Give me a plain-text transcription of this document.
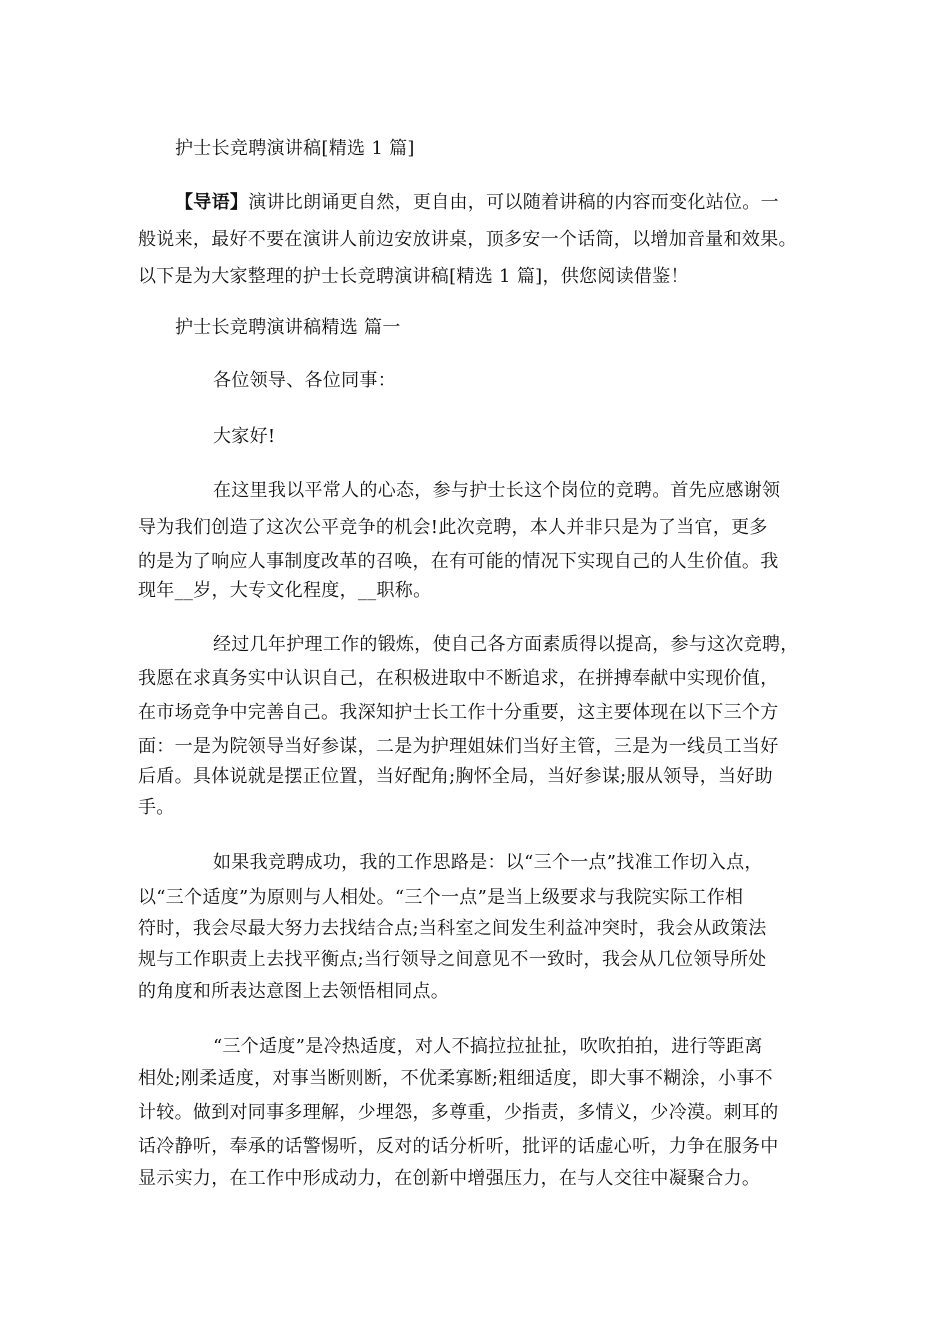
护士长竞聘演讲稿[精选 1 篇]
【导语】演讲比朗诵更自然，更自由，可以随着讲稿的内容而变化站位。一
般说来，最好不要在演讲人前边安放讲桌，顶多安一个话筒，以增加音量和效果。
以下是为大家整理的护士长竞聘演讲稿[精选 1 篇]，供您阅读借鉴！
护士长竞聘演讲稿精选 篇一
各位领导、各位同事：
大家好!
在这里我以平常人的心态，参与护士长这个岗位的竞聘。首先应感谢领
导为我们创造了这次公平竞争的机会!此次竞聘，本人并非只是为了当官，更多
的是为了响应人事制度改革的召唤，在有可能的情况下实现自己的人生价值。我
现年__岁，大专文化程度，__职称。
经过几年护理工作的锻炼，使自己各方面素质得以提高，参与这次竞聘，
我愿在求真务实中认识自己，在积极进取中不断追求，在拼搏奉献中实现价值，
在市场竞争中完善自己。我深知护士长工作十分重要，这主要体现在以下三个方
面：一是为院领导当好参谋，二是为护理姐妹们当好主管，三是为一线员工当好
后盾。具体说就是摆正位置，当好配角;胸怀全局，当好参谋;服从领导，当好助
手。
如果我竞聘成功，我的工作思路是：以“三个一点”找准工作切入点，
以“三个适度”为原则与人相处。“三个一点”是当上级要求与我院实际工作相
符时，我会尽最大努力去找结合点;当科室之间发生利益冲突时，我会从政策法
规与工作职责上去找平衡点;当行领导之间意见不一致时，我会从几位领导所处
的角度和所表达意图上去领悟相同点。
“三个适度”是冷热适度，对人不搞拉拉扯扯，吹吹拍拍，进行等距离
相处;刚柔适度，对事当断则断，不优柔寡断;粗细适度，即大事不糊涂，小事不
计较。做到对同事多理解，少埋怨，多尊重，少指责，多情义，少冷漠。刺耳的
话冷静听，奉承的话警惕听，反对的话分析听，批评的话虚心听，力争在服务中
显示实力，在工作中形成动力，在创新中增强压力，在与人交往中凝聚合力。
